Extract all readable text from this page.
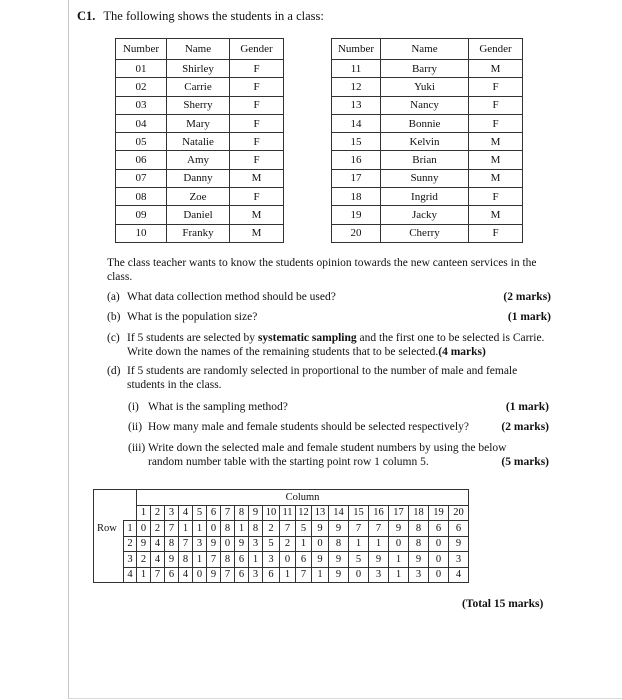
C1. The following shows the students in a class:
Number	Name	Gender
01	Shirley	F
02	Carrie	F
03	Sherry	F
04	Mary	F
05	Natalie	F
06	Amy	F
07	Danny	M
08	Zoe	F
09	Daniel	M
10	Franky	M
Number	Name	Gender
11	Barry	M
12	Yuki	F
13	Nancy	F
14	Bonnie	F
15	Kelvin	M
16	Brian	M
17	Sunny	M
18	Ingrid	F
19	Jacky	M
20	Cherry	F
The class teacher wants to know the students opinion towards the new canteen services in the class.
(a) What data collection method should be used?	(2 marks)
(b) What is the population size?	(1 mark)
(c) If 5 students are selected by systematic sampling and the first one to be selected is Carrie. Write down the names of the remaining students that to be selected.(4 marks)
(d) If 5 students are randomly selected in proportional to the number of male and female students in the class.
(i) What is the sampling method?	(1 mark)
(ii) How many male and female students should be selected respectively?	(2 marks)
(iii) Write down the selected male and female student numbers by using the below
random number table with the starting point row 1 column 5.	(5 marks)
		Column																			
		1	2	3	4	5	6	7	8	9	10	11	12	13	14	15	16	17	18	19	20
Row	1	0	2	7	1	1	0	8	1	8	2	7	5	9	9	7	7	9	8	6	6
	2	9	4	8	7	3	9	0	9	3	5	2	1	0	8	1	1	0	8	0	9
	3	2	4	9	8	1	7	8	6	1	3	0	6	9	9	5	9	1	9	0	3
	4	1	7	6	4	0	9	7	6	3	6	1	7	1	9	0	3	1	3	0	4
(Total 15 marks)
